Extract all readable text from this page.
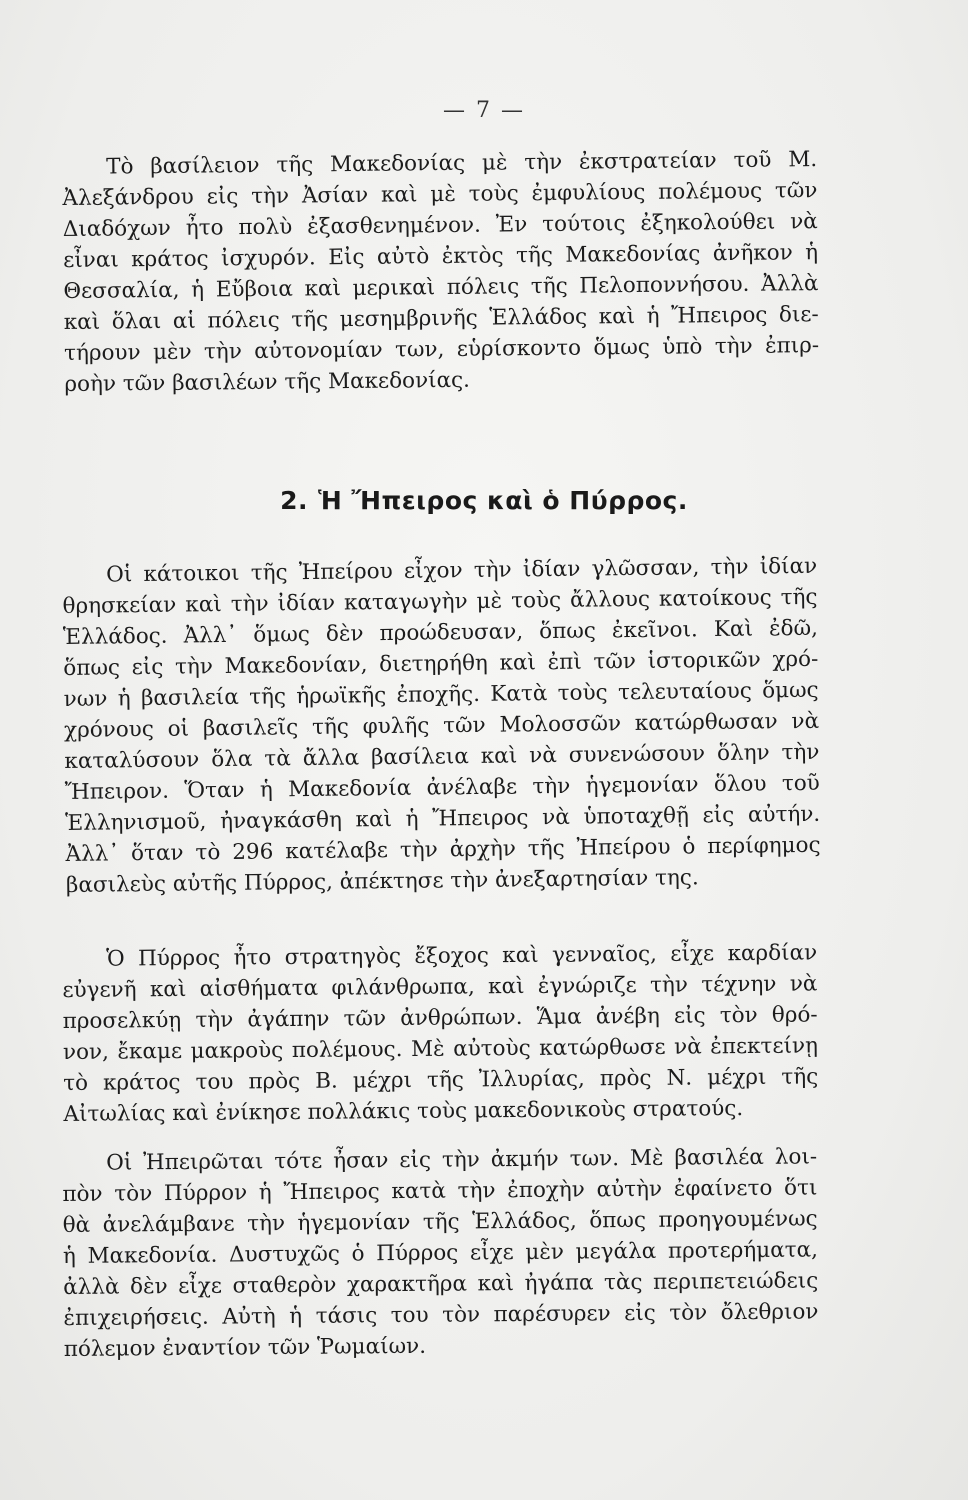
— 7 —
Τὸ βασίλειον τῆς Μακεδονίας μὲ τὴν ἐκστρατείαν τοῦ Μ.
Ἀλεξάνδρου εἰς τὴν Ἀσίαν καὶ μὲ τοὺς ἐμφυλίους πολέμους τῶν
Διαδόχων ἦτο πολὺ ἐξασθενημένον. Ἐν τούτοις ἐξηκολούθει νὰ
εἶναι κράτος ἰσχυρόν. Εἰς αὐτὸ ἐκτὸς τῆς Μακεδονίας ἀνῆκον ἡ
Θεσσαλία, ἡ Εὔβοια καὶ μερικαὶ πόλεις τῆς Πελοποννήσου. Ἀλλὰ
καὶ ὅλαι αἱ πόλεις τῆς μεσημβρινῆς Ἑλλάδος καὶ ἡ Ἤπειρος διε-
τήρουν μὲν τὴν αὐτονομίαν των, εὑρίσκοντο ὅμως ὑπὸ τὴν ἐπιρ-
ροὴν τῶν βασιλέων τῆς Μακεδονίας.
2. Ἡ Ἤπειρος καὶ ὁ Πύρρος.
Οἱ κάτοικοι τῆς Ἠπείρου εἶχον τὴν ἰδίαν γλῶσσαν, τὴν ἰδίαν
θρησκείαν καὶ τὴν ἰδίαν καταγωγὴν μὲ τοὺς ἄλλους κατοίκους τῆς
Ἑλλάδος. Ἀλλ᾽ ὅμως δὲν προώδευσαν, ὅπως ἐκεῖνοι. Καὶ ἐδῶ,
ὅπως εἰς τὴν Μακεδονίαν, διετηρήθη καὶ ἐπὶ τῶν ἱστορικῶν χρό-
νων ἡ βασιλεία τῆς ἡρωϊκῆς ἐποχῆς. Κατὰ τοὺς τελευταίους ὅμως
χρόνους οἱ βασιλεῖς τῆς φυλῆς τῶν Μολοσσῶν κατώρθωσαν νὰ
καταλύσουν ὅλα τὰ ἄλλα βασίλεια καὶ νὰ συνενώσουν ὅλην τὴν
Ἤπειρον. Ὅταν ἡ Μακεδονία ἀνέλαβε τὴν ἡγεμονίαν ὅλου τοῦ
Ἑλληνισμοῦ, ἠναγκάσθη καὶ ἡ Ἤπειρος νὰ ὑποταχθῇ εἰς αὐτήν.
Ἀλλ᾽ ὅταν τὸ 296 κατέλαβε τὴν ἀρχὴν τῆς Ἠπείρου ὁ περίφημος
βασιλεὺς αὐτῆς Πύρρος, ἀπέκτησε τὴν ἀνεξαρτησίαν της.
Ὁ Πύρρος ἦτο στρατηγὸς ἔξοχος καὶ γενναῖος, εἶχε καρδίαν
εὐγενῆ καὶ αἰσθήματα φιλάνθρωπα, καὶ ἐγνώριζε τὴν τέχνην νὰ
προσελκύῃ τὴν ἀγάπην τῶν ἀνθρώπων. Ἅμα ἀνέβη εἰς τὸν θρό-
νον, ἔκαμε μακροὺς πολέμους. Μὲ αὐτοὺς κατώρθωσε νὰ ἐπεκτείνῃ
τὸ κράτος του πρὸς Β. μέχρι τῆς Ἰλλυρίας, πρὸς Ν. μέχρι τῆς
Αἰτωλίας καὶ ἐνίκησε πολλάκις τοὺς μακεδονικοὺς στρατούς.
Οἱ Ἠπειρῶται τότε ἦσαν εἰς τὴν ἀκμήν των. Μὲ βασιλέα λοι-
πὸν τὸν Πύρρον ἡ Ἤπειρος κατὰ τὴν ἐποχὴν αὐτὴν ἐφαίνετο ὅτι
θὰ ἀνελάμβανε τὴν ἡγεμονίαν τῆς Ἑλλάδος, ὅπως προηγουμένως
ἡ Μακεδονία. Δυστυχῶς ὁ Πύρρος εἶχε μὲν μεγάλα προτερήματα,
ἀλλὰ δὲν εἶχε σταθερὸν χαρακτῆρα καὶ ἠγάπα τὰς περιπετειώδεις
ἐπιχειρήσεις. Αὐτὴ ἡ τάσις του τὸν παρέσυρεν εἰς τὸν ὄλεθριον
πόλεμον ἐναντίον τῶν Ῥωμαίων.
